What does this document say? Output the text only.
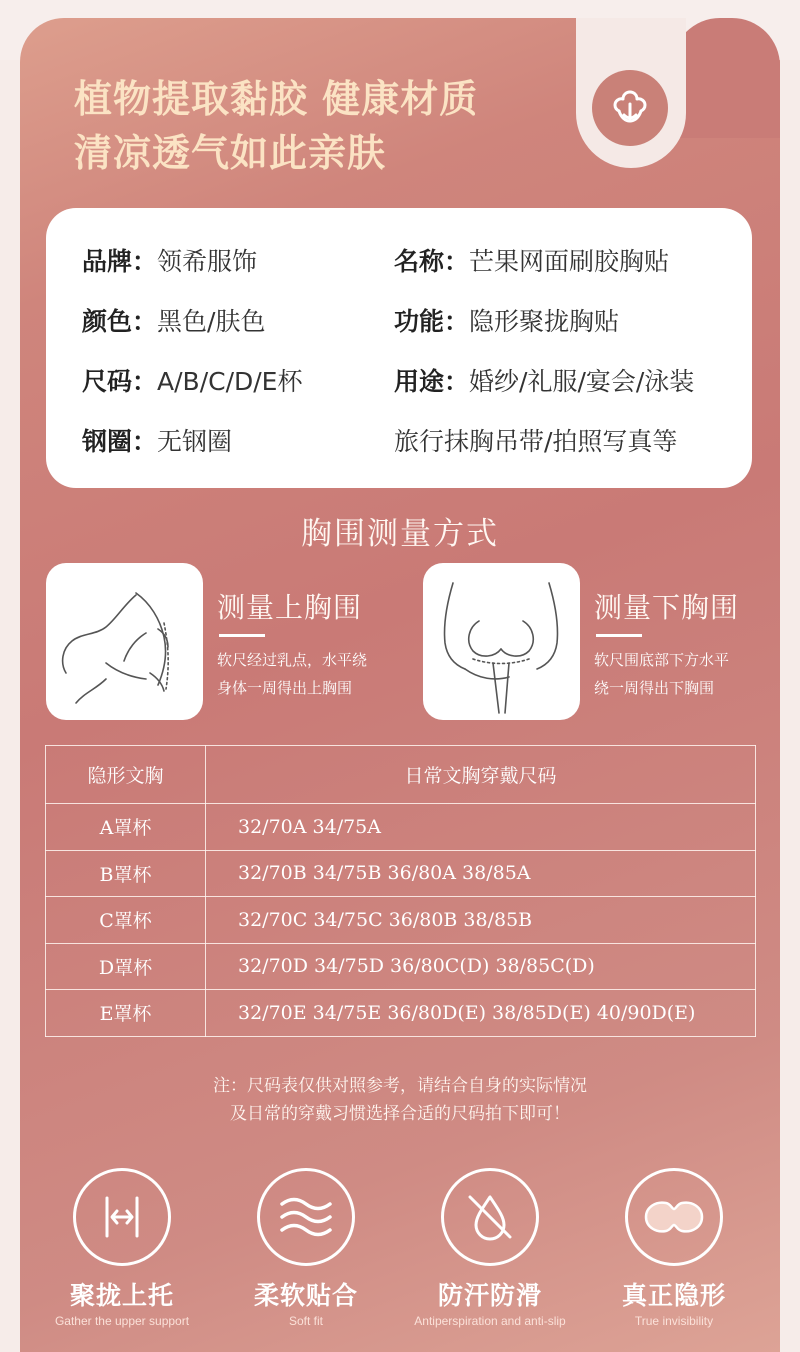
植物提取黏胶 健康材质
清凉透气如此亲肤
品牌：领希服饰	名称：芒果网面刷胶胸贴
颜色：黑色/肤色	功能：隐形聚拢胸贴
尺码：A/B/C/D/E杯	用途：婚纱/礼服/宴会/泳装
钢圈：无钢圈	旅行抹胸吊带/拍照写真等
胸围测量方式
测量上胸围
软尺经过乳点，水平绕
身体一周得出上胸围
测量下胸围
软尺围底部下方水平
绕一周得出下胸围
隐形文胸	日常文胸穿戴尺码
A罩杯	32/70A 34/75A
B罩杯	32/70B 34/75B 36/80A 38/85A
C罩杯	32/70C 34/75C 36/80B 38/85B
D罩杯	32/70D 34/75D 36/80C(D) 38/85C(D)
E罩杯	32/70E 34/75E 36/80D(E) 38/85D(E) 40/90D(E)
注：尺码表仅供对照参考，请结合自身的实际情况
及日常的穿戴习惯选择合适的尺码拍下即可！
聚拢上托
Gather the upper support
柔软贴合
Soft fit
防汗防滑
Antiperspiration and anti-slip
真正隐形
True invisibility
